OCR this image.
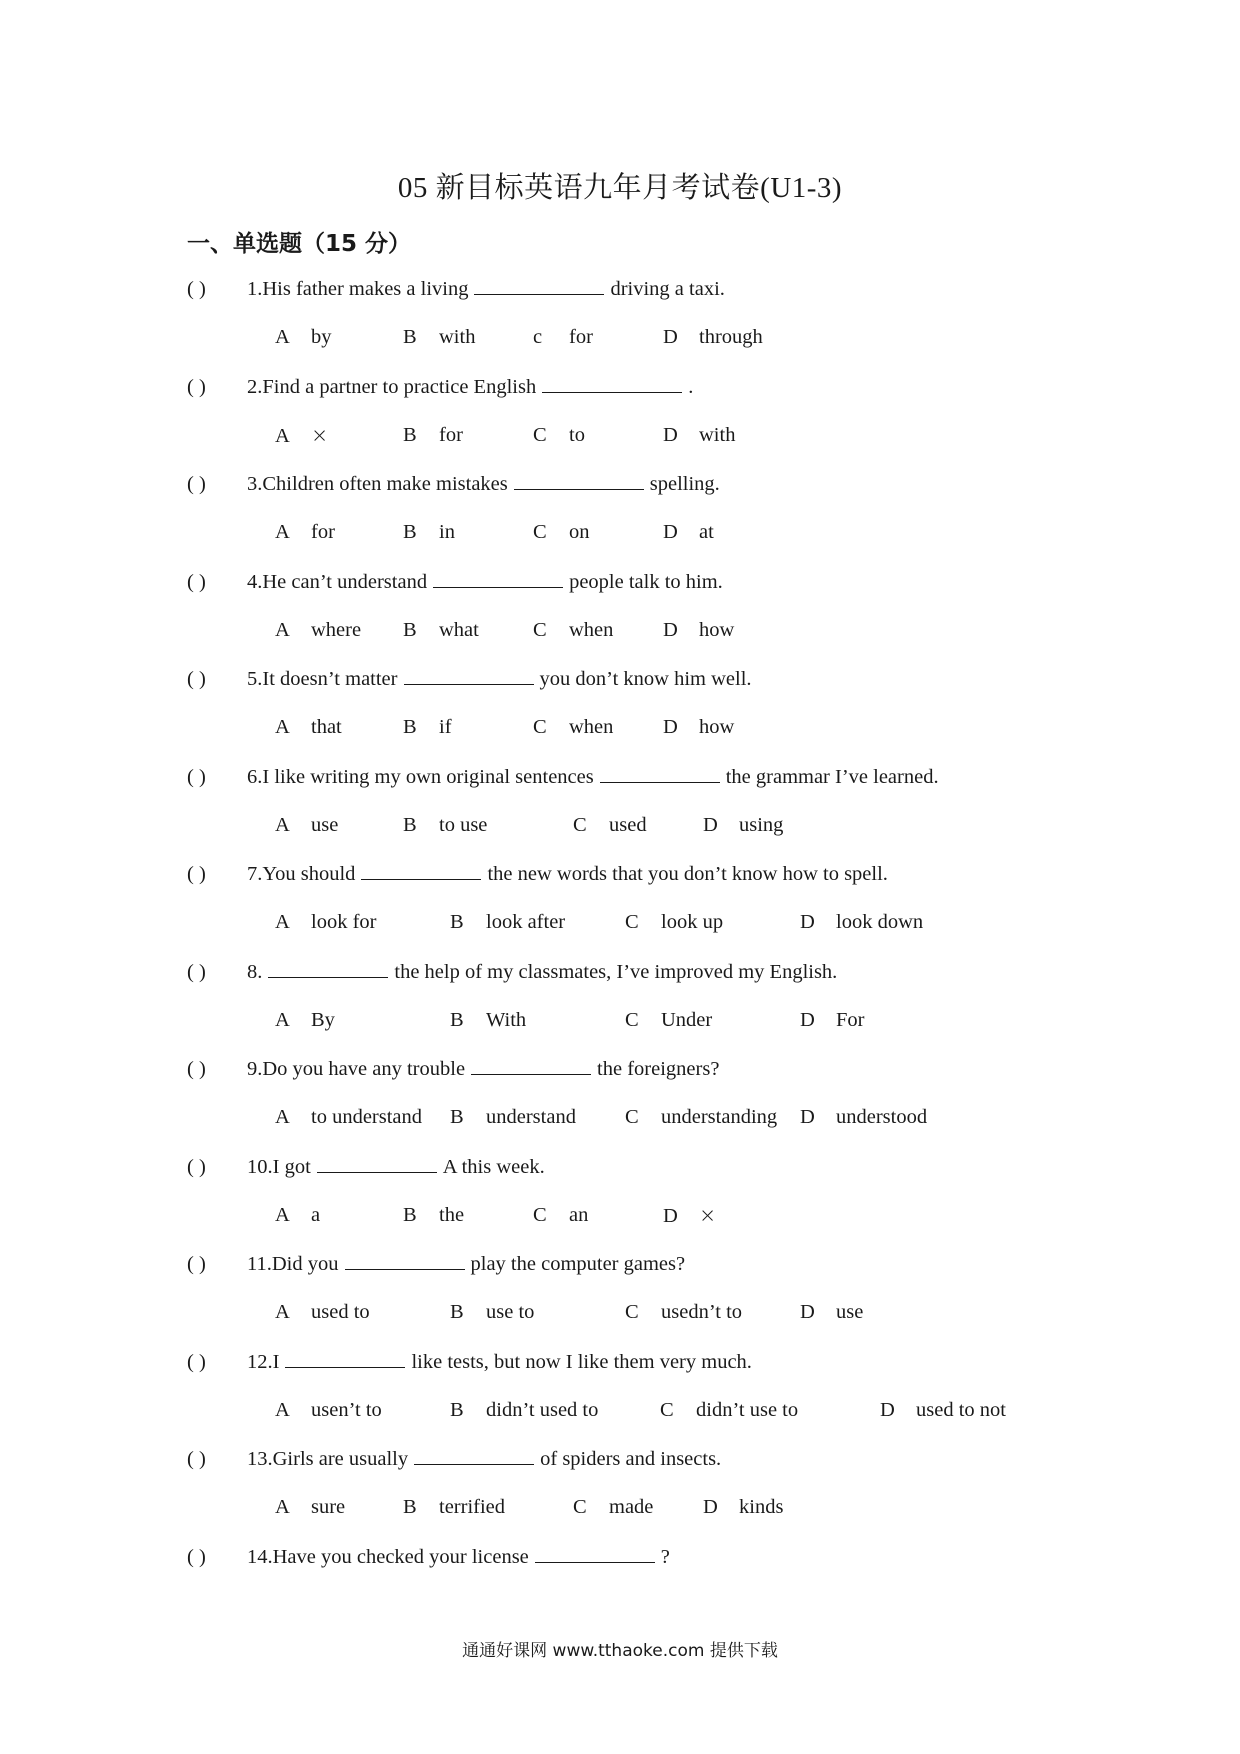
05 新目标英语九年月考试卷(U1-3)
一、单选题（15 分）
( ) 1.His father makes a living	driving a taxi.
A by	B with	c for	D through
( ) 2.Find a partner to practice English	.
A ×	B for	C to	D with
( ) 3.Children often make mistakes	spelling.
A for	B in	C on	D at
( ) 4.He can’t understand	people talk to him.
A where B what	C when D how
( ) 5.It doesn’t matter	you don’t know him well.
A that	B if	C when D how
( ) 6.I like writing my own original sentences	the grammar I’ve learned.
A use	B to use	C used	D using
( ) 7.You should	the new words that you don’t know how to spell.
A look for	B look after	C look up	D look down
( ) 8.	the help of my classmates, I’ve improved my English.
A By	B With	C Under	D For
( ) 9.Do you have any trouble	the foreigners?
A to understand B understand C understanding D understood
( ) 10.I got	A this week.
A a	B the	C an	D ×
( ) 11.Did you	play the computer games?
A used to	B use to	C usedn’t to	D use
( ) 12.I	like tests, but now I like them very much.
A usen’t to	B didn’t used to	C didn’t use to	D used to not
( ) 13.Girls are usually	of spiders and insects.
A sure	B terrified	C made D kinds
( ) 14.Have you checked your license	?
通通好课网 www.tthaoke.com 提供下载
